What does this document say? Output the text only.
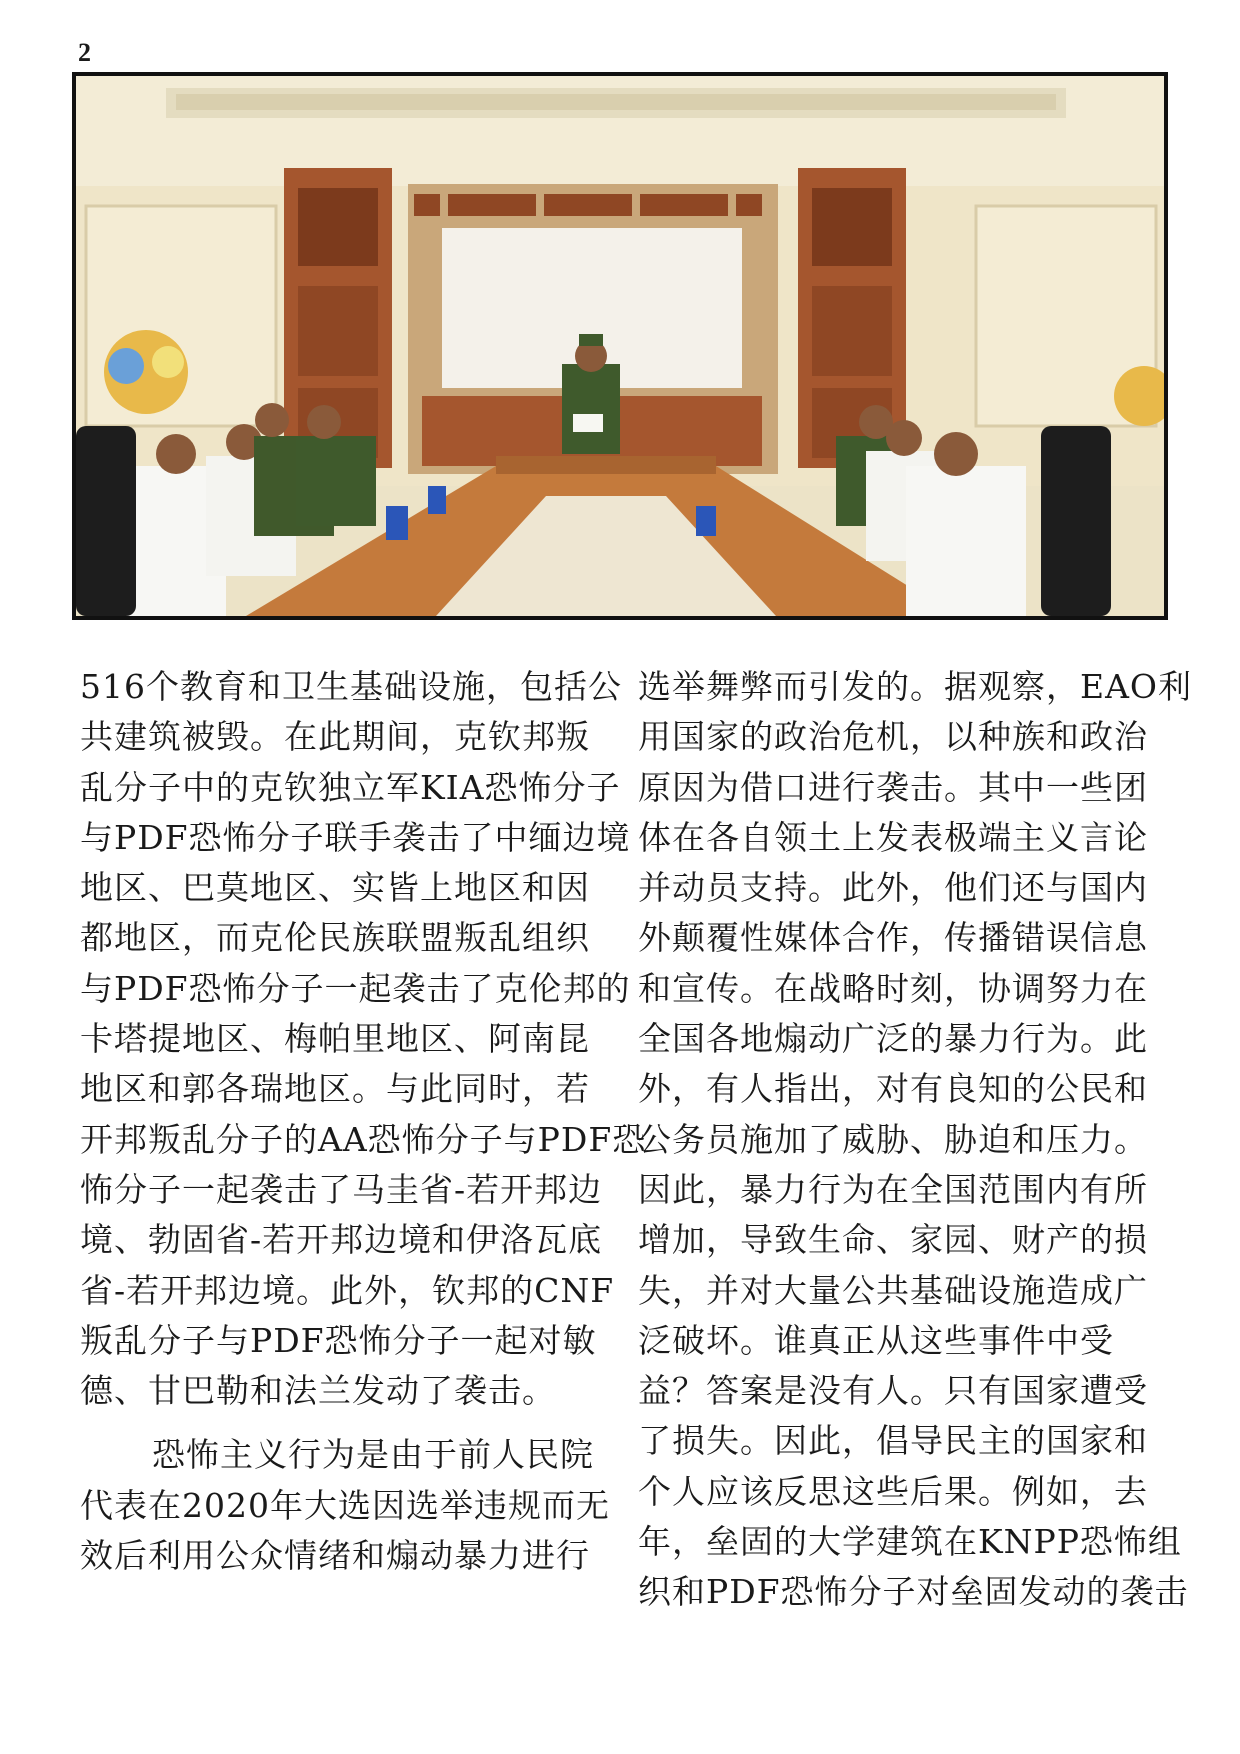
2
516个教育和卫生基础设施，包括公
共建筑被毁。在此期间，克钦邦叛
乱分子中的克钦独立军KIA恐怖分子
与PDF恐怖分子联手袭击了中缅边境
地区、巴莫地区、实皆上地区和因
都地区，而克伦民族联盟叛乱组织
与PDF恐怖分子一起袭击了克伦邦的
卡塔提地区、梅帕里地区、阿南昆
地区和郭各瑞地区。与此同时，若
开邦叛乱分子的AA恐怖分子与PDF恐
怖分子一起袭击了马圭省-若开邦边
境、勃固省-若开邦边境和伊洛瓦底
省-若开邦边境。此外，钦邦的CNF
叛乱分子与PDF恐怖分子一起对敏
德、甘巴勒和法兰发动了袭击。
恐怖主义行为是由于前人民院
代表在2020年大选因选举违规而无
效后利用公众情绪和煽动暴力进行
选举舞弊而引发的。据观察，EAO利
用国家的政治危机，以种族和政治
原因为借口进行袭击。其中一些团
体在各自领土上发表极端主义言论
并动员支持。此外，他们还与国内
外颠覆性媒体合作，传播错误信息
和宣传。在战略时刻，协调努力在
全国各地煽动广泛的暴力行为。此
外，有人指出，对有良知的公民和
公务员施加了威胁、胁迫和压力。
因此，暴力行为在全国范围内有所
增加，导致生命、家园、财产的损
失，并对大量公共基础设施造成广
泛破坏。谁真正从这些事件中受
益？答案是没有人。只有国家遭受
了损失。因此，倡导民主的国家和
个人应该反思这些后果。例如，去
年，垒固的大学建筑在KNPP恐怖组
织和PDF恐怖分子对垒固发动的袭击
